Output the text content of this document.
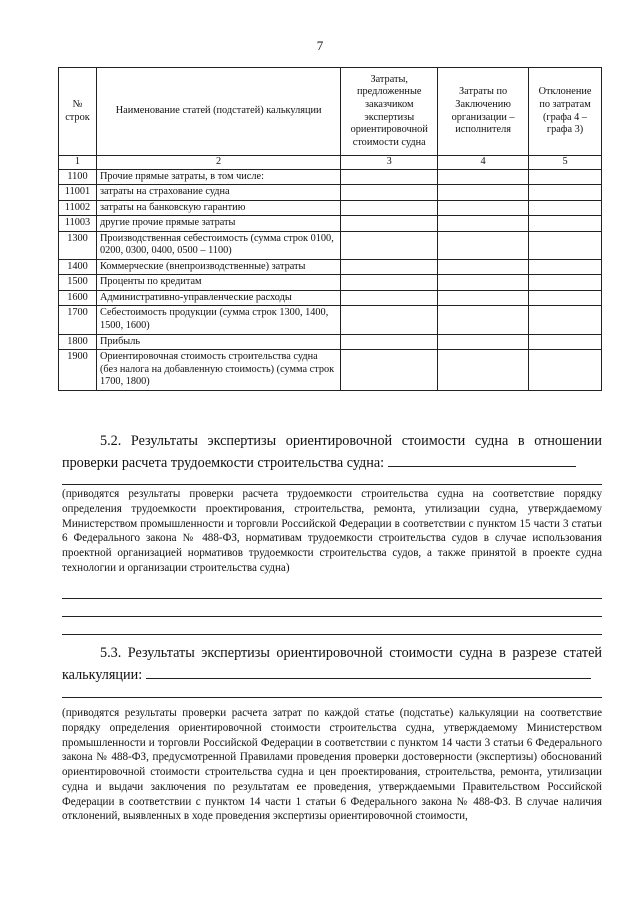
7
№ строк	Наименование статей (подстатей) калькуляции	Затраты, предложенные заказчиком экспертизы ориентировочной стоимости судна	Затраты по Заключению организации – исполнителя	Отклонение по затратам (графа 4 – графа 3)
1	2	3	4	5
1100	Прочие прямые затраты, в том числе:			
11001	затраты на страхование судна			
11002	затраты на банковскую гарантию			
11003	другие прочие прямые затраты			
1300	Производственная себестоимость (сумма строк 0100, 0200, 0300, 0400, 0500 – 1100)			
1400	Коммерческие (внепроизводственные) затраты			
1500	Проценты по кредитам			
1600	Административно-управленческие расходы			
1700	Себестоимость продукции (сумма строк 1300, 1400, 1500, 1600)			
1800	Прибыль			
1900	Ориентировочная стоимость строительства судна (без налога на добавленную стоимость) (сумма строк 1700, 1800)			
5.2. Результаты экспертизы ориентировочной стоимости судна в отношении проверки расчета трудоемкости строительства судна:
(приводятся результаты проверки расчета трудоемкости строительства судна на соответствие порядку определения трудоемкости проектирования, строительства, ремонта, утилизации судна, утверждаемому Министерством промышленности и торговли Российской Федерации в соответствии с пунктом 15 части 3 статьи 6 Федерального закона № 488-ФЗ, нормативам трудоемкости строительства судов в случае использования проектной организацией нормативов трудоемкости строительства судов, а также принятой в проекте судна технологии и организации строительства судна)
5.3. Результаты экспертизы ориентировочной стоимости судна в разрезе статей калькуляции:
(приводятся результаты проверки расчета затрат по каждой статье (подстатье) калькуляции на соответствие порядку определения ориентировочной стоимости строительства судна, утверждаемому Министерством промышленности и торговли Российской Федерации в соответствии с пунктом 14 части 3 статьи 6 Федерального закона № 488-ФЗ, предусмотренной Правилами проведения проверки достоверности (экспертизы) обоснований ориентировочной стоимости строительства судна и цен проектирования, строительства, ремонта, утилизации судна и выдачи заключения по результатам ее проведения, утверждаемыми Правительством Российской Федерации в соответствии с пунктом 14 части 1 статьи 6 Федерального закона № 488-ФЗ. В случае наличия отклонений, выявленных в ходе проведения экспертизы ориентировочной стоимости,
